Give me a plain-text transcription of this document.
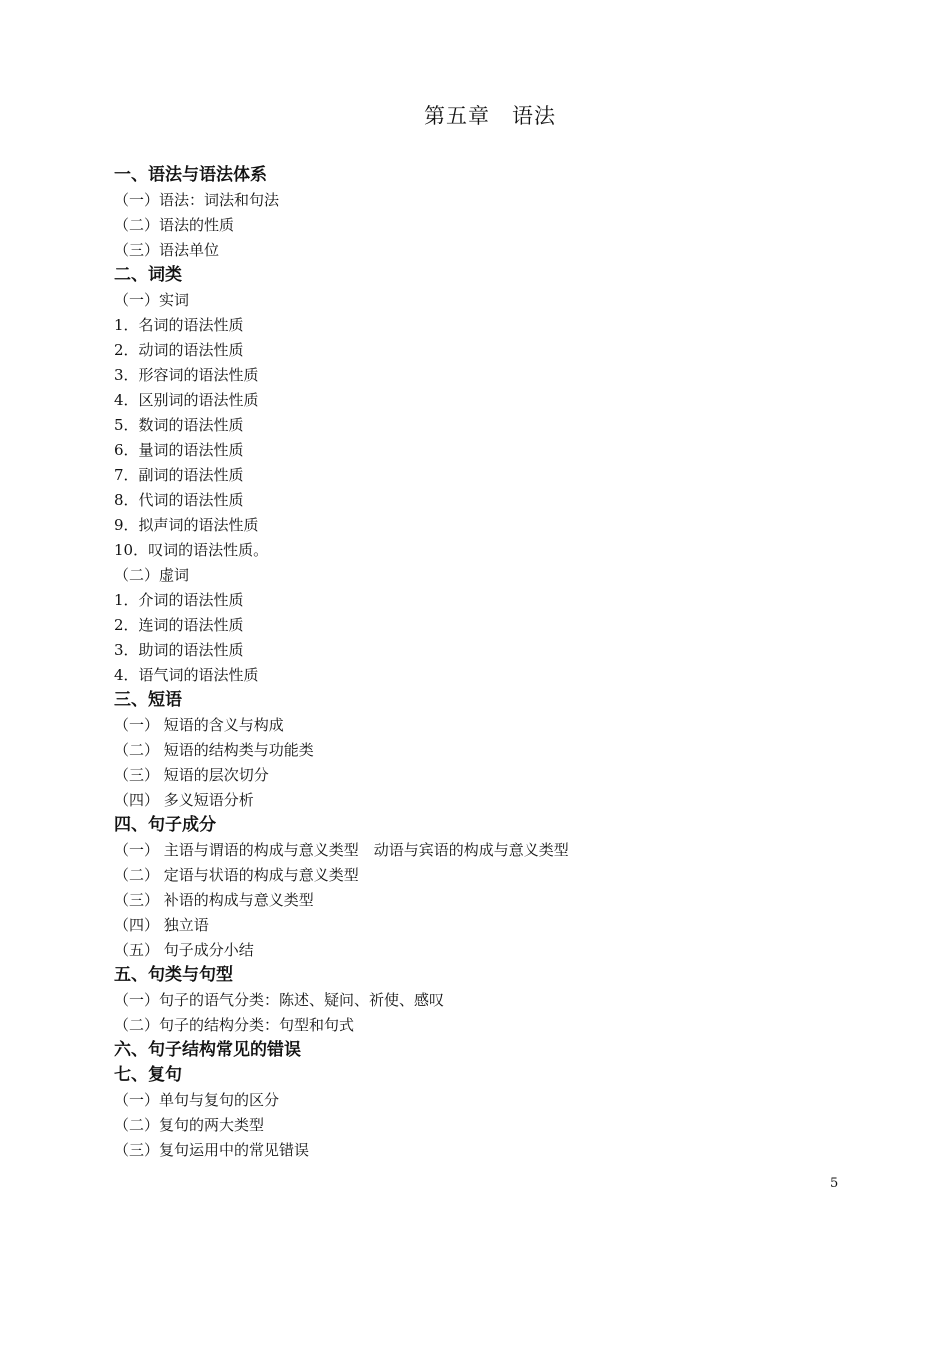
第五章　语法
一、语法与语法体系
（一）语法：词法和句法
（二）语法的性质
（三）语法单位
二、词类
（一）实词
1．名词的语法性质
2．动词的语法性质
3．形容词的语法性质
4．区别词的语法性质
5．数词的语法性质
6．量词的语法性质
7．副词的语法性质
8．代词的语法性质
9．拟声词的语法性质
10．叹词的语法性质。
（二）虚词
1．介词的语法性质
2．连词的语法性质
3．助词的语法性质
4．语气词的语法性质
三、短语
（一） 短语的含义与构成
（二） 短语的结构类与功能类
（三） 短语的层次切分
（四） 多义短语分析
四、句子成分
（一） 主语与谓语的构成与意义类型　动语与宾语的构成与意义类型
（二） 定语与状语的构成与意义类型
（三） 补语的构成与意义类型
（四） 独立语
（五） 句子成分小结
五、句类与句型
（一）句子的语气分类：陈述、疑问、祈使、感叹
（二）句子的结构分类：句型和句式
六、句子结构常见的错误
七、复句
（一）单句与复句的区分
（二）复句的两大类型
（三）复句运用中的常见错误
5
